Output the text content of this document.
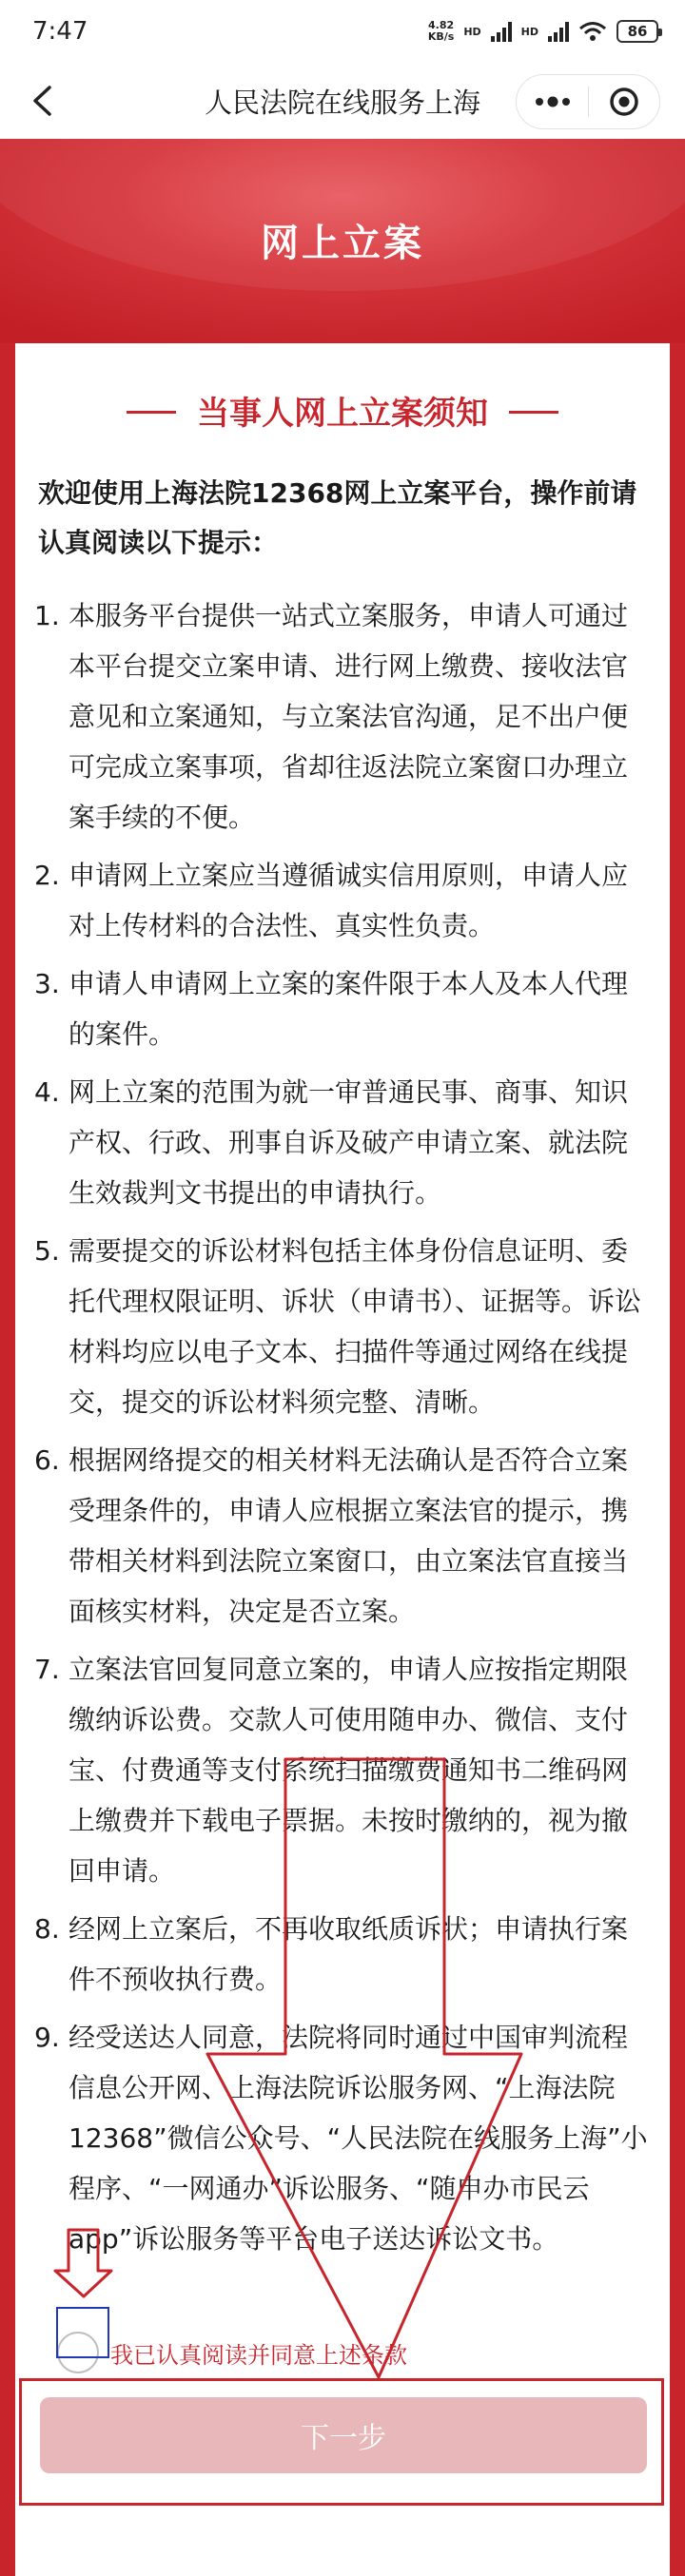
7:47	4.82
KB/s HD	HD	86
人民法院在线服务上海
网上立案
当事人网上立案须知
欢迎使用上海法院12368网上立案平台，操作前请认真阅读以下提示：
1. 本服务平台提供一站式立案服务，申请人可通过本平台提交立案申请、进行网上缴费、接收法官意见和立案通知，与立案法官沟通，足不出户便可完成立案事项，省却往返法院立案窗口办理立案手续的不便。
2. 申请网上立案应当遵循诚实信用原则，申请人应对上传材料的合法性、真实性负责。
3. 申请人申请网上立案的案件限于本人及本人代理的案件。
4. 网上立案的范围为就一审普通民事、商事、知识产权、行政、刑事自诉及破产申请立案、就法院生效裁判文书提出的申请执行。
5. 需要提交的诉讼材料包括主体身份信息证明、委托代理权限证明、诉状（申请书）、证据等。诉讼材料均应以电子文本、扫描件等通过网络在线提交，提交的诉讼材料须完整、清晰。
6. 根据网络提交的相关材料无法确认是否符合立案受理条件的，申请人应根据立案法官的提示，携带相关材料到法院立案窗口，由立案法官直接当面核实材料，决定是否立案。
7. 立案法官回复同意立案的，申请人应按指定期限缴纳诉讼费。交款人可使用随申办、微信、支付宝、付费通等支付系统扫描缴费通知书二维码网上缴费并下载电子票据。未按时缴纳的，视为撤回申请。
8. 经网上立案后，不再收取纸质诉状；申请执行案件不预收执行费。
9. 经受送达人同意，法院将同时通过中国审判流程信息公开网、上海法院诉讼服务网、“上海法院12368”微信公众号、“人民法院在线服务上海”小程序、“一网通办”诉讼服务、“随申办市民云app”诉讼服务等平台电子送达诉讼文书。
我已认真阅读并同意上述条款
下一步
